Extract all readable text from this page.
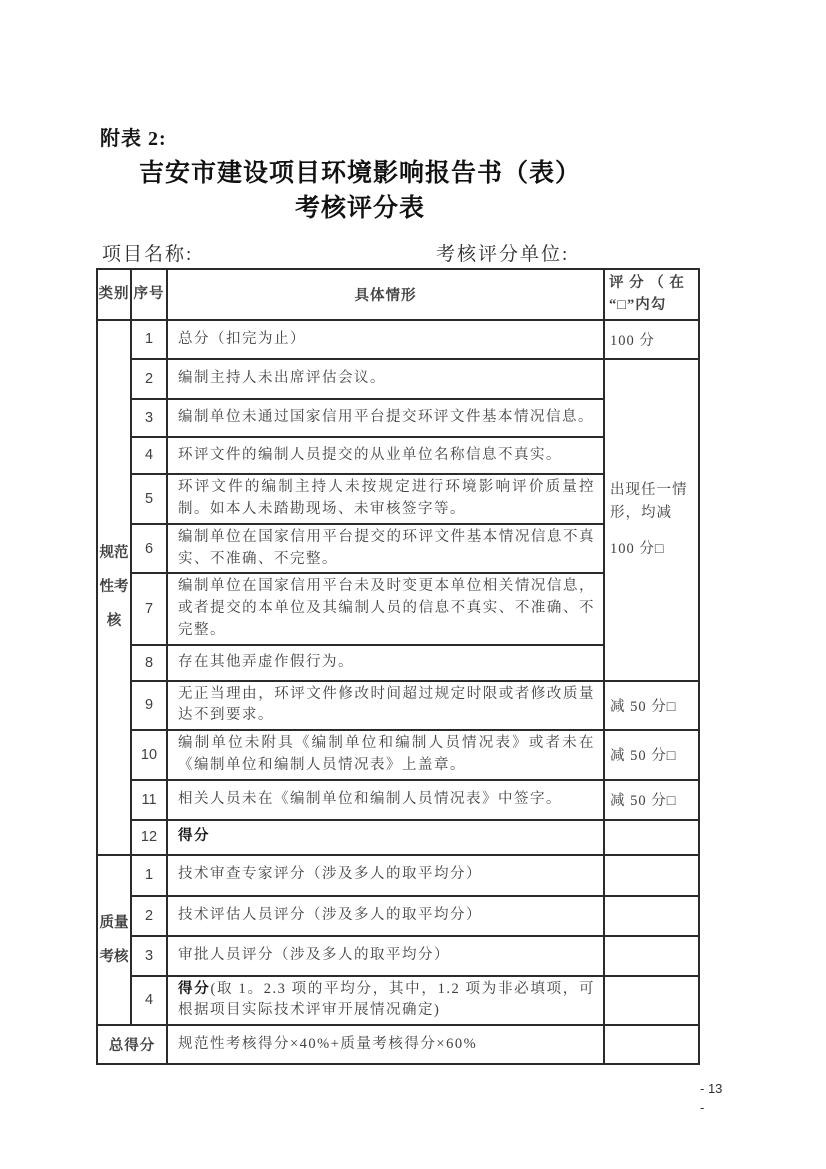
附表 2:
吉安市建设项目环境影响报告书（表）
考核评分表
项目名称:	考核评分单位:
类别	序号	具体情形	评 分 （ 在
“□”内勾

规范性考核	1	总分（扣完为止）	100 分
	2	编制主持人未出席评估会议。	出现任一情形，均减
100 分□

	3	编制单位未通过国家信用平台提交环评文件基本情况信息。	
	4	环评文件的编制人员提交的从业单位名称信息不真实。	
	5	环评文件的编制主持人未按规定进行环境影响评价质量控制。如本人未踏勘现场、未审核签字等。	
	6	编制单位在国家信用平台提交的环评文件基本情况信息不真实、不准确、不完整。	
	7	编制单位在国家信用平台未及时变更本单位相关情况信息，或者提交的本单位及其编制人员的信息不真实、不准确、不完整。	
	8	存在其他弄虚作假行为。	
	9	无正当理由，环评文件修改时间超过规定时限或者修改质量达不到要求。	减 50 分□
	10	编制单位未附具《编制单位和编制人员情况表》或者未在《编制单位和编制人员情况表》上盖章。	减 50 分□
	11	相关人员未在《编制单位和编制人员情况表》中签字。	减 50 分□
	12	得分	
质量考核	1	技术审查专家评分（涉及多人的取平均分）	
	2	技术评估人员评分（涉及多人的取平均分）	
	3	审批人员评分（涉及多人的取平均分）	
	4	得分(取 1。2.3 项的平均分，其中，1.2 项为非必填项，可根据项目实际技术评审开展情况确定)	
总得分		规范性考核得分×40%+质量考核得分×60%	
- 13
-
